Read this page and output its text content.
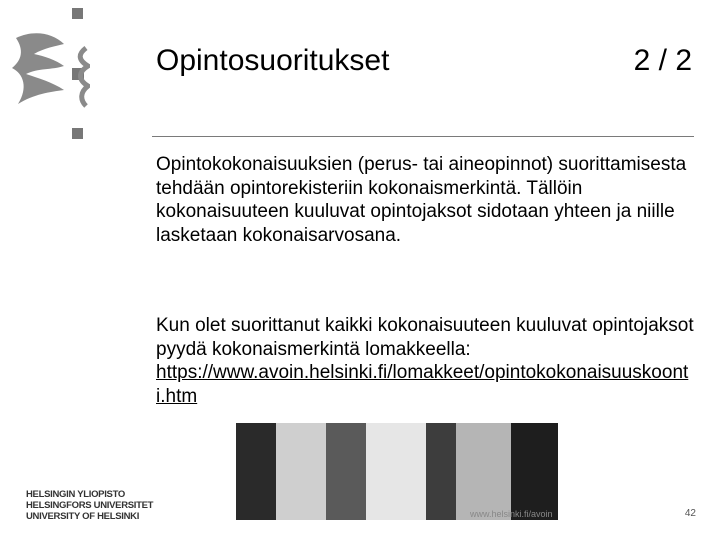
Opintosuoritukset	2 / 2
Opintokokonaisuuksien (perus- tai aineopinnot) suorittamisesta tehdään opintorekisteriin kokonaismerkintä. Tällöin kokonaisuuteen kuuluvat opintojaksot sidotaan yhteen ja niille lasketaan kokonaisarvosana.
Kun olet suorittanut kaikki kokonaisuuteen kuuluvat opintojaksot pyydä kokonaismerkintä lomakkeella:
https://www.avoin.helsinki.fi/lomakkeet/opintokokonaisuuskoonti.htm
www.helsinki.fi/avoin
HELSINGIN YLIOPISTO
HELSINGFORS UNIVERSITET
UNIVERSITY OF HELSINKI	42
